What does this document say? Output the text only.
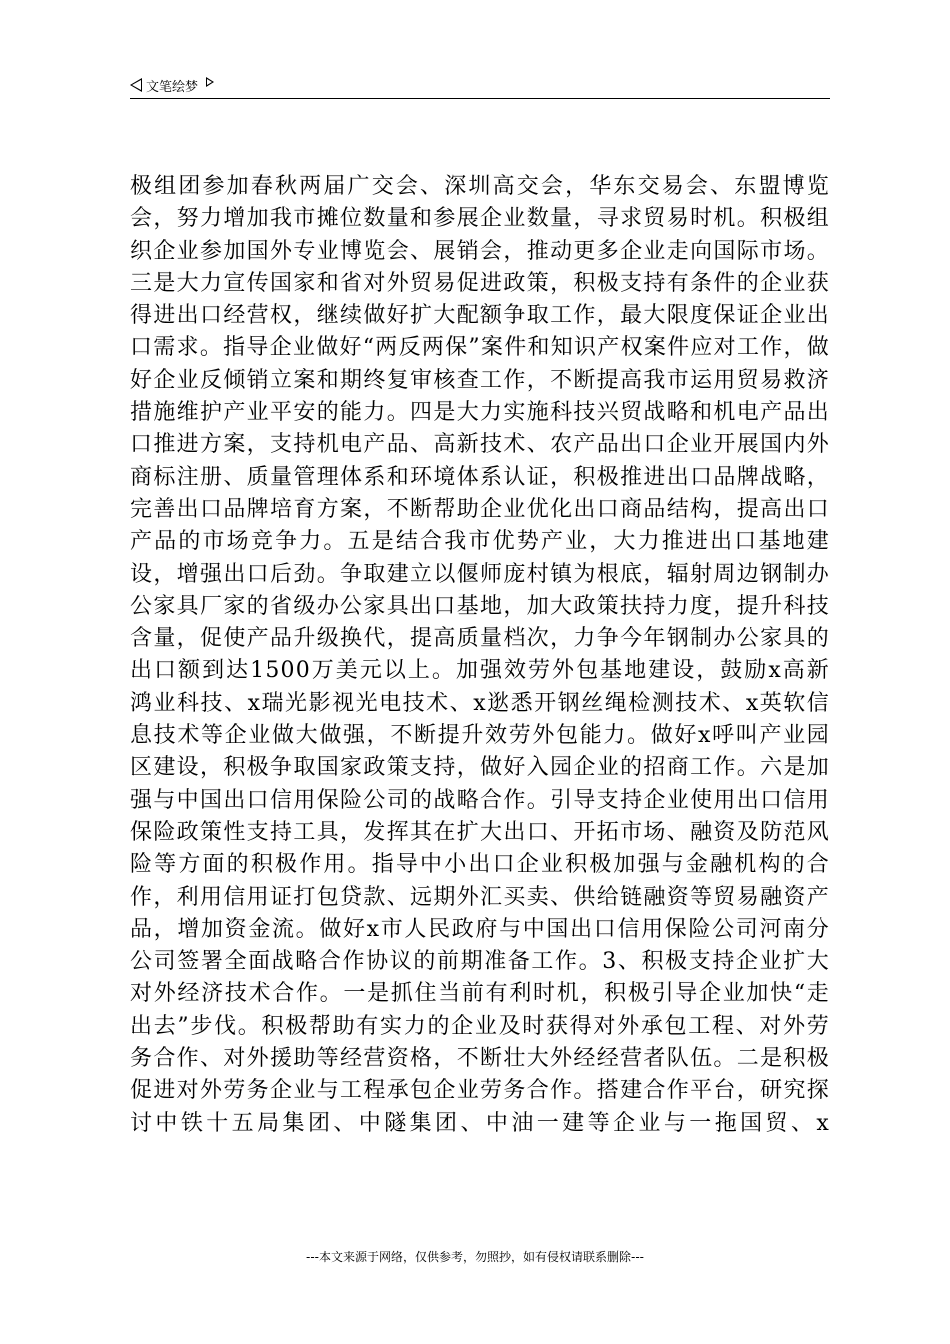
文笔绘梦

极组团参加春秋两届广交会、深圳高交会，华东交易会、东盟博览会，努力增加我市摊位数量和参展企业数量，寻求贸易时机。积极组织企业参加国外专业博览会、展销会，推动更多企业走向国际市场。三是大力宣传国家和省对外贸易促进政策，积极支持有条件的企业获得进出口经营权，继续做好扩大配额争取工作，最大限度保证企业出口需求。指导企业做好“两反两保”案件和知识产权案件应对工作，做好企业反倾销立案和期终复审核查工作，不断提高我市运用贸易救济措施维护产业平安的能力。四是大力实施科技兴贸战略和机电产品出口推进方案，支持机电产品、高新技术、农产品出口企业开展国内外商标注册、质量管理体系和环境体系认证，积极推进出口品牌战略，完善出口品牌培育方案，不断帮助企业优化出口商品结构，提高出口产品的市场竞争力。五是结合我市优势产业，大力推进出口基地建设，增强出口后劲。争取建立以偃师庞村镇为根底，辐射周边钢制办公家具厂家的省级办公家具出口基地，加大政策扶持力度，提升科技含量，促使产品升级换代，提高质量档次，力争今年钢制办公家具的出口额到达1500万美元以上。加强效劳外包基地建设，鼓励x高新鸿业科技、x瑞光影视光电技术、x逖悉开钢丝绳检测技术、x英软信息技术等企业做大做强，不断提升效劳外包能力。做好x呼叫产业园区建设，积极争取国家政策支持，做好入园企业的招商工作。六是加强与中国出口信用保险公司的战略合作。引导支持企业使用出口信用保险政策性支持工具，发挥其在扩大出口、开拓市场、融资及防范风险等方面的积极作用。指导中小出口企业积极加强与金融机构的合作，利用信用证打包贷款、远期外汇买卖、供给链融资等贸易融资产品，增加资金流。做好x市人民政府与中国出口信用保险公司河南分公司签署全面战略合作协议的前期准备工作。3、积极支持企业扩大对外经济技术合作。一是抓住当前有利时机，积极引导企业加快“走出去”步伐。积极帮助有实力的企业及时获得对外承包工程、对外劳务合作、对外援助等经营资格，不断壮大外经经营者队伍。二是积极促进对外劳务企业与工程承包企业劳务合作。搭建合作平台，研究探讨中铁十五局集团、中隧集团、中油一建等企业与一拖国贸、x

---本文来源于网络，仅供参考，勿照抄，如有侵权请联系删除---
